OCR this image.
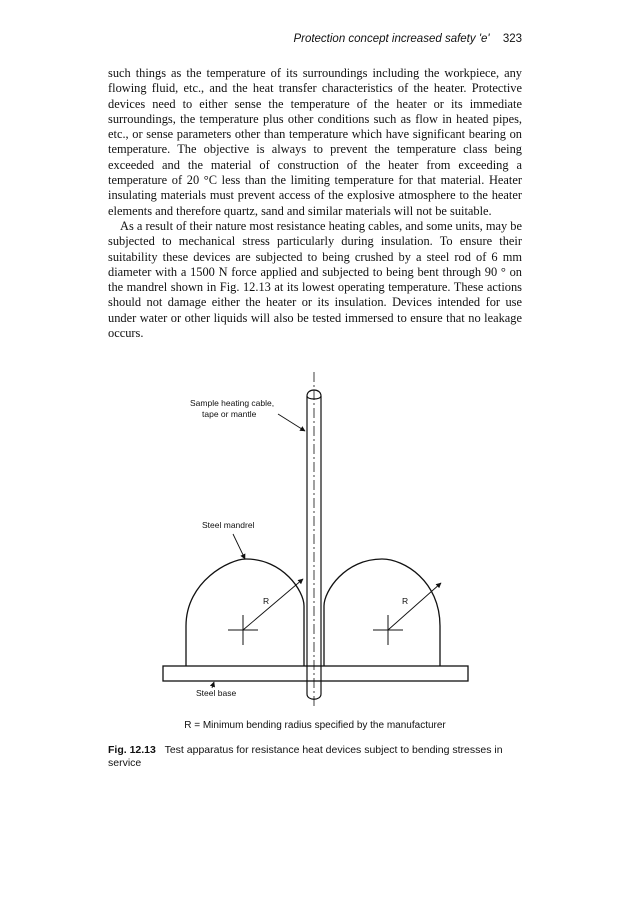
Protection concept increased safety 'e' 323

such things as the temperature of its surroundings including the workpiece, any flowing fluid, etc., and the heat transfer characteristics of the heater. Protective devices need to either sense the temperature of the heater or its immediate surroundings, the temperature plus other conditions such as flow in heated pipes, etc., or sense parameters other than temperature which have significant bearing on temperature. The objective is always to prevent the temperature class being exceeded and the material of construction of the heater from exceeding a temperature of 20 °C less than the limiting temperature for that material. Heater insulating materials must prevent access of the explosive atmosphere to the heater elements and therefore quartz, sand and similar materials will not be suitable.

As a result of their nature most resistance heating cables, and some units, may be subjected to mechanical stress particularly during insulation. To ensure their suitability these devices are subjected to being crushed by a steel rod of 6 mm diameter with a 1500 N force applied and subjected to being bent through 90 ° on the mandrel shown in Fig. 12.13 at its lowest operating temperature. These actions should not damage either the heater or its insulation. Devices intended for use under water or other liquids will also be tested immersed to ensure that no leakage occurs.

R	R
Sample heating cable,
tape or mantle
Steel mandrel
Steel base
R = Minimum bending radius specified by the manufacturer
Fig. 12.13 Test apparatus for resistance heat devices subject to bending stresses in service
